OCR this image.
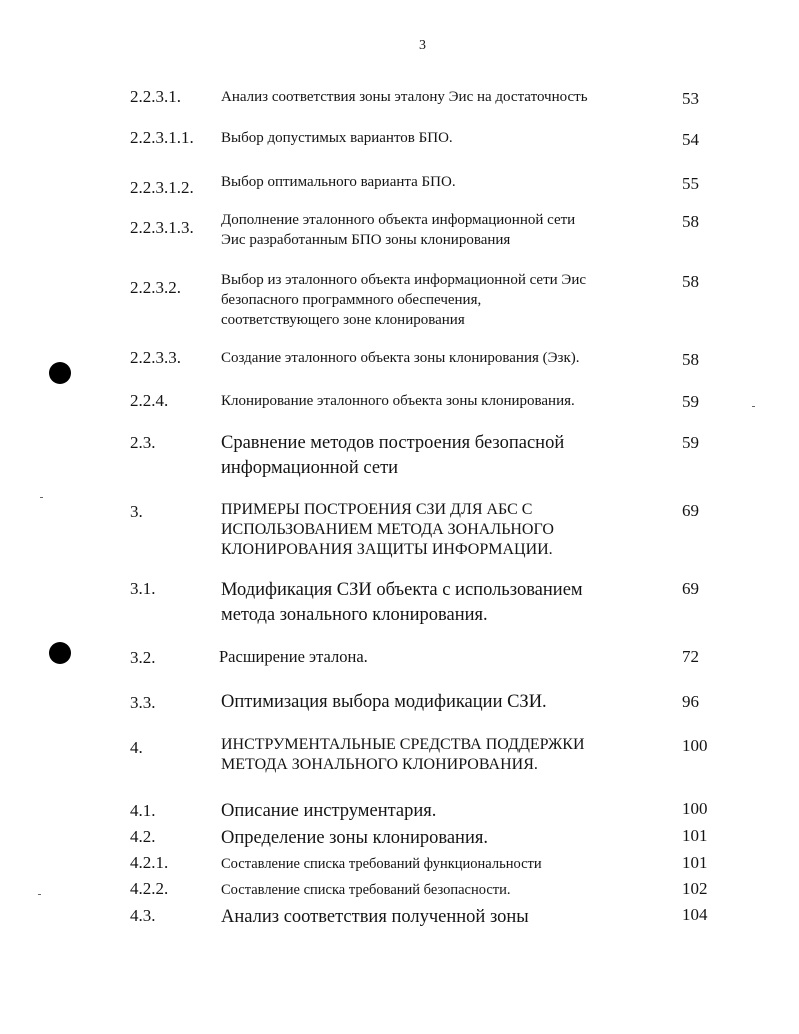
3
2.2.3.1.	Анализ соответствия зоны эталону Эис на достаточность	53
2.2.3.1.1. Выбор допустимых вариантов БПО.	54
2.2.3.1.2. Выбор оптимального варианта БПО.	55
2.2.3.1.3. Дополнение эталонного объекта информационной сети
Эис разработанным БПО зоны клонирования
58
2.2.3.2.	Выбор из эталонного объекта информационной сети Эис
безопасного программного обеспечения,
соответствующего зоне клонирования
58
2.2.3.3.	Создание эталонного объекта зоны клонирования (Эзк).	58
2.2.4.	Клонирование эталонного объекта зоны клонирования.	59
2.3.	Сравнение методов построения безопасной
информационной сети
59
3.	ПРИМЕРЫ ПОСТРОЕНИЯ СЗИ ДЛЯ АБС С
ИСПОЛЬЗОВАНИЕМ МЕТОДА ЗОНАЛЬНОГО
КЛОНИРОВАНИЯ ЗАЩИТЫ ИНФОРМАЦИИ.
69
3.1.	Модификация СЗИ объекта с использованием
метода зонального клонирования.
69
3.2.	Расширение эталона.	72
3.3.	Оптимизация выбора модификации СЗИ.	96
4.	ИНСТРУМЕНТАЛЬНЫЕ СРЕДСТВА ПОДДЕРЖКИ
МЕТОДА ЗОНАЛЬНОГО КЛОНИРОВАНИЯ.
100
4.1.	Описание инструментария.	100
4.2.	Определение зоны клонирования.	101
4.2.1.	Составление списка требований функциональности	101
4.2.2.	Составление списка требований безопасности.	102
4.3.	Анализ соответствия полученной зоны	104
